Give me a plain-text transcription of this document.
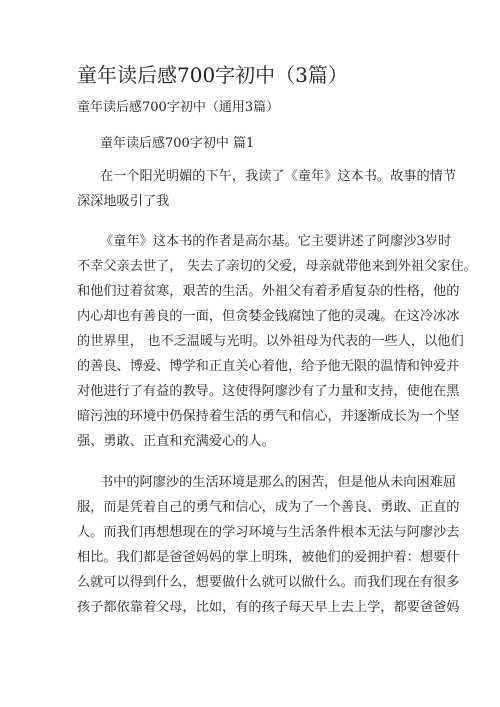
童年读后感700字初中（3篇）
童年读后感700字初中（通用3篇）
童年读后感700字初中 篇1
在一个阳光明媚的下午，我读了《童年》这本书。故事的情节
深深地吸引了我
《童年》这本书的作者是高尔基。它主要讲述了阿廖沙3岁时
不幸父亲去世了， 失去了亲切的父爱，母亲就带他来到外祖父家住。
和他们过着贫寒，艰苦的生活。外祖父有着矛盾复杂的性格，他的
内心却也有善良的一面，但贪婪金钱腐蚀了他的灵魂。在这冷冰冰
的世界里， 也不乏温暖与光明。以外祖母为代表的一些人，以他们
的善良、博爱、博学和正直关心着他，给予他无限的温情和钟爱并
对他进行了有益的教导。这使得阿廖沙有了力量和支持，使他在黑
暗污浊的环境中仍保持着生活的勇气和信心，并逐渐成长为一个坚
强、勇敢、正直和充满爱心的人。
书中的阿廖沙的生活环境是那么的困苦，但是他从未向困难屈
服，而是凭着自己的勇气和信心，成为了一个善良、勇敢、正直的
人。而我们再想想现在的学习环境与生活条件根本无法与阿廖沙去
相比。我们都是爸爸妈妈的掌上明珠，被他们的爱拥护着：想要什
么就可以得到什么，想要做什么就可以做什么。而我们现在有很多
孩子都依靠着父母，比如，有的孩子每天早上去上学，都要爸爸妈
